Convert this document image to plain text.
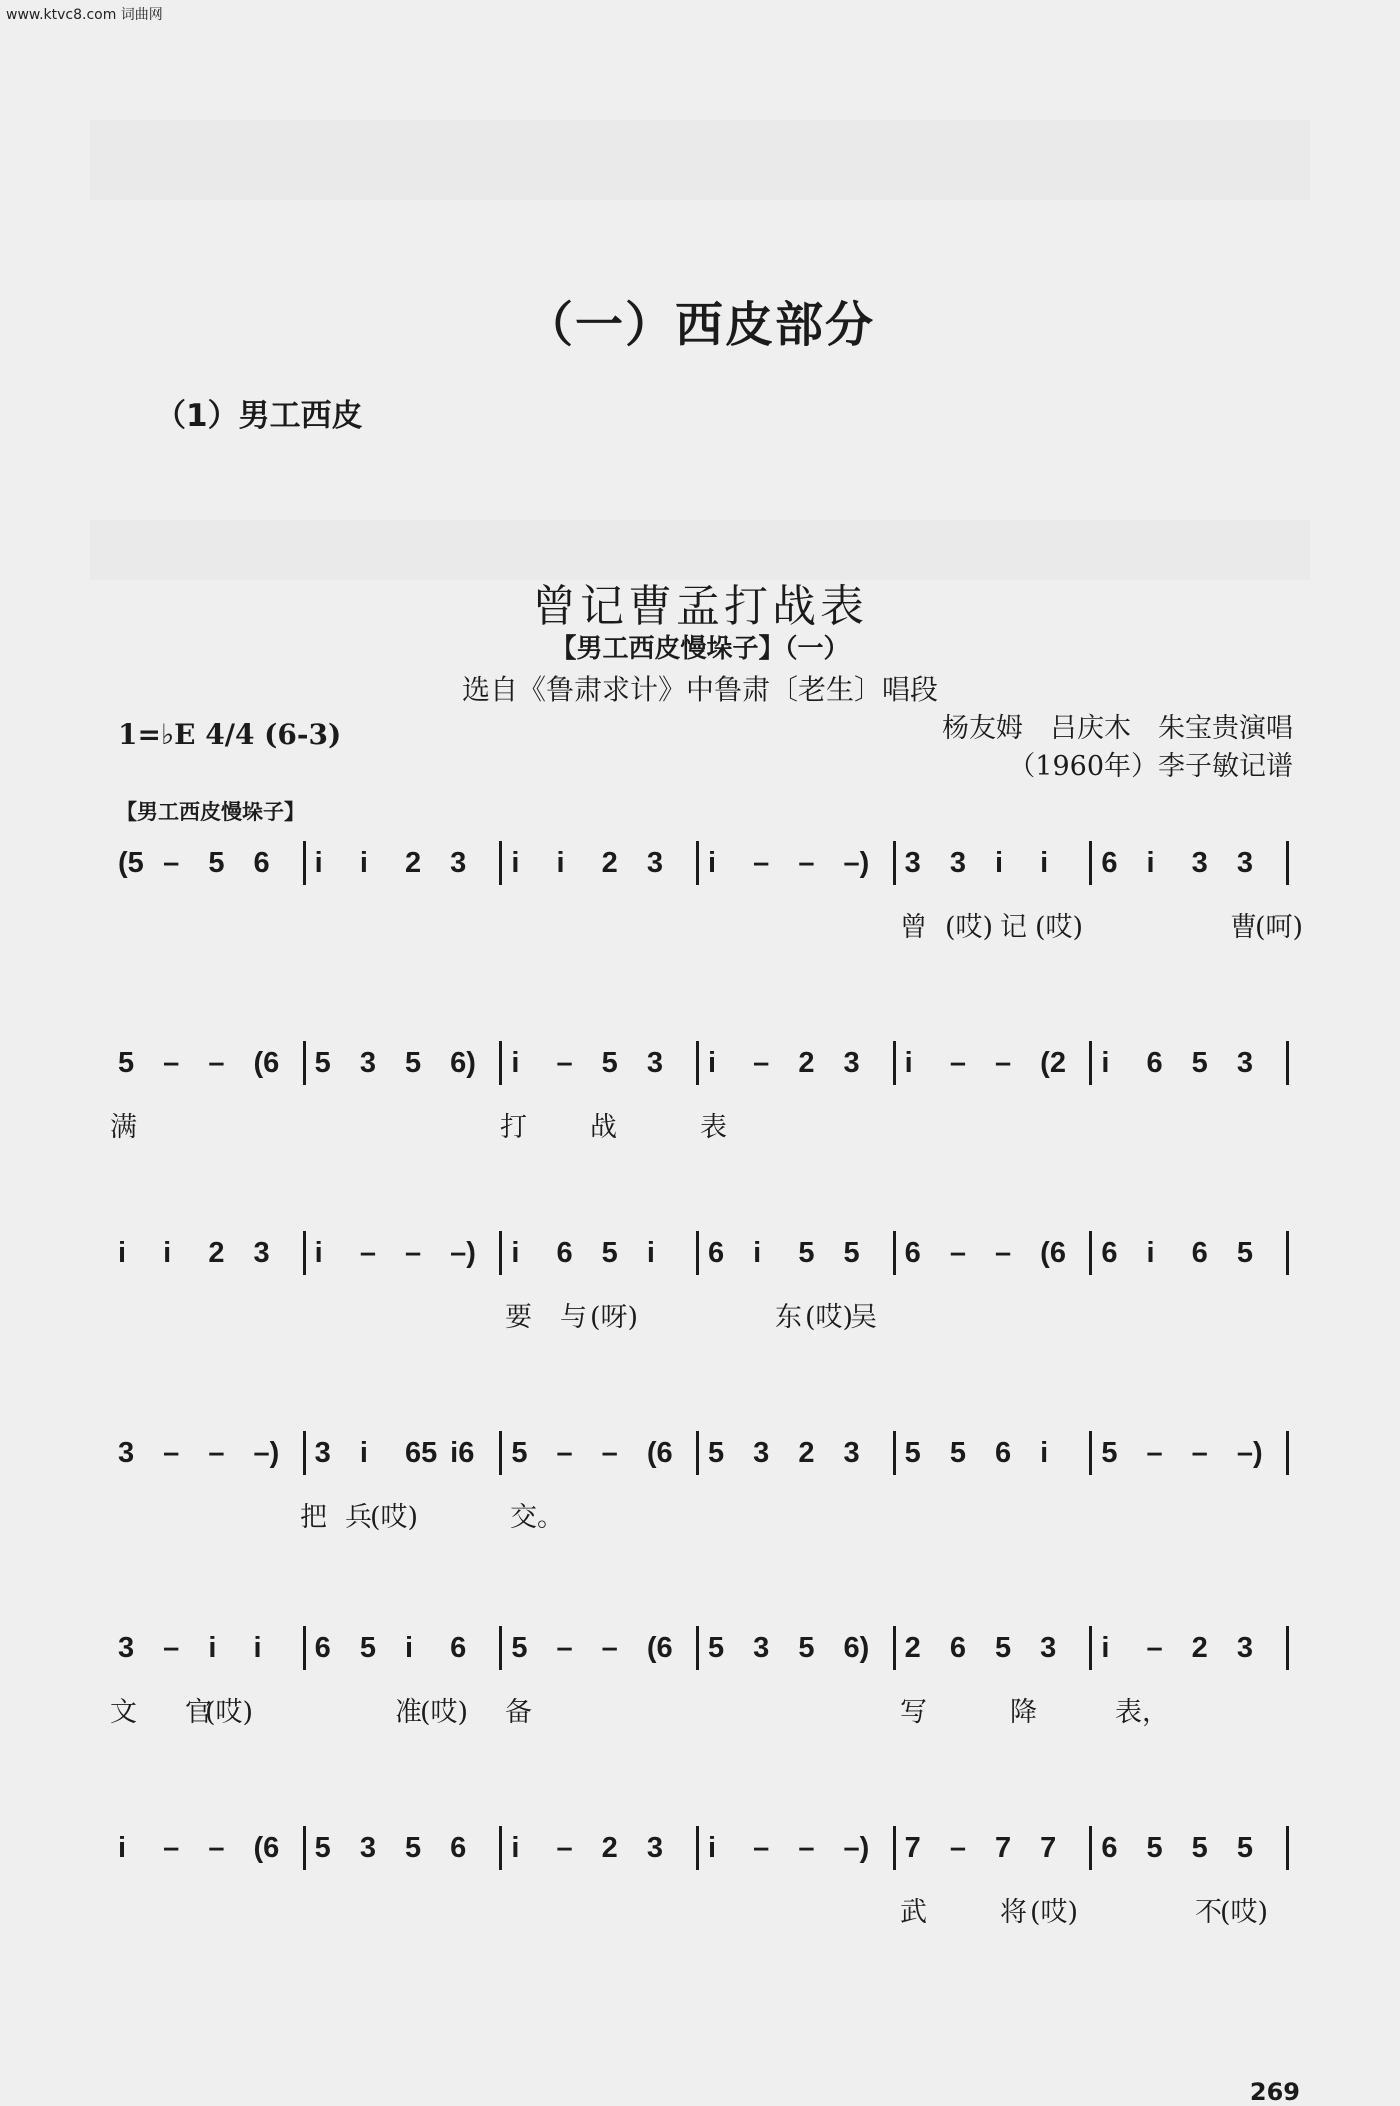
www.ktvc8.com 词曲网
（一）西皮部分
（1）男工西皮
曾记曹孟打战表
【男工西皮慢垛子】（一）
选自《鲁肃求计》中鲁肃〔老生〕唱段
1=♭E 4/4 (6-3)	杨友姆　吕庆木　朱宝贵演唱
（1960年）李子敏记谱
【男工西皮慢垛子】
(5 – 5 6 i i 2 3 i i 2 3 i – – –) 3 3 i i 6 i 3 3
曾 (哎) 记 (哎)	曹
(呵)
5 – – (6 5 3 5 6) i – 5 3 i – 2 3 i – – (2 i 6 5 3
满	打 战	表
i i 2 3 i – – –) i 6 5 i 6 i 5 5 6 – – (6 6 i 6 5
要 与 (呀)	东 (哎)
吴
3 – – –) 3 i 65 i6 5 – – (6 5 3 2 3 5 5 6 i 5 – – –)
把 兵
(哎)	交。
3 – i i 6 5 i 6 5 – – (6 5 3 5 6) 2 6 5 3 i – 2 3
文 官
(哎)	准
(哎) 备	写	降	表，
i – – (6 5 3 5 6 i – 2 3 i – – –) 7 – 7 7 6 5 5 5
武	将 (哎)	不
(哎)
269
